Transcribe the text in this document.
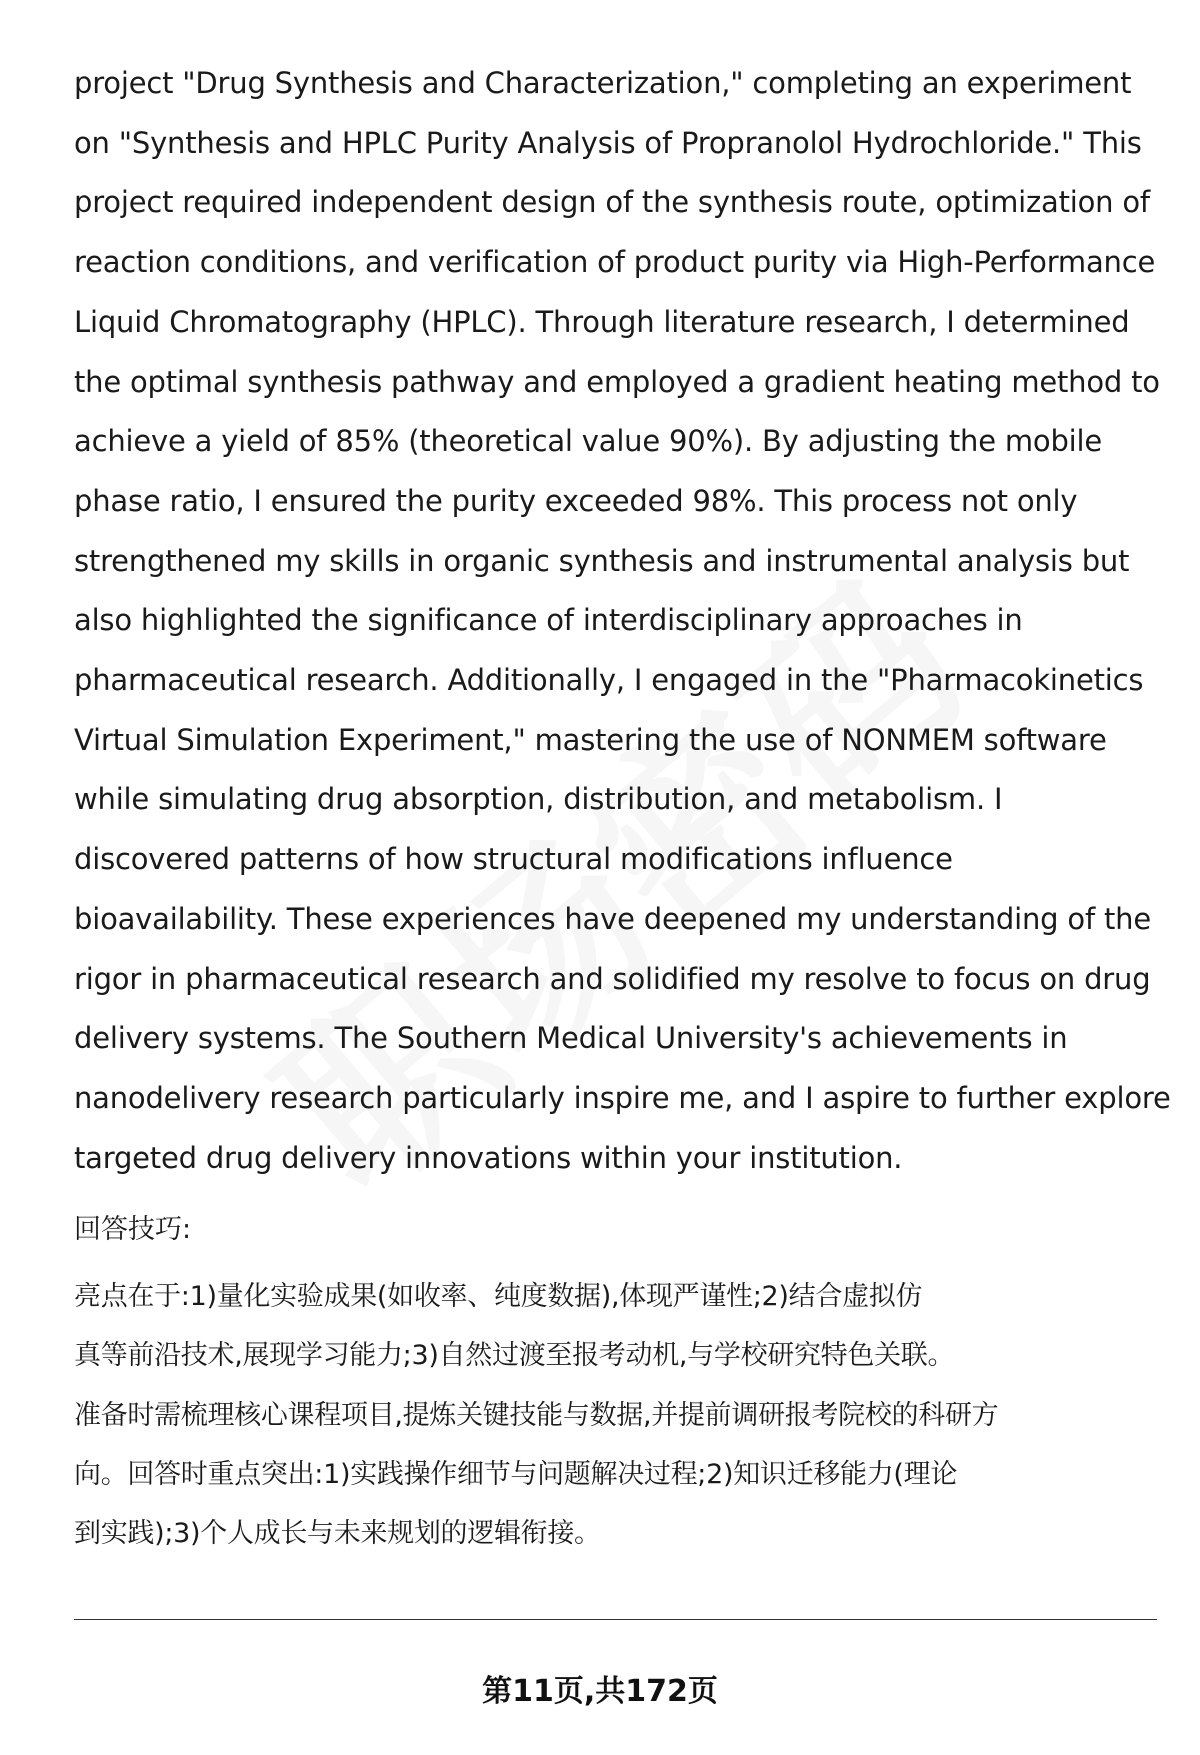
project "Drug Synthesis and Characterization," completing an experiment
on "Synthesis and HPLC Purity Analysis of Propranolol Hydrochloride." This
project required independent design of the synthesis route, optimization of
reaction conditions, and verification of product purity via High-Performance
Liquid Chromatography (HPLC). Through literature research, I determined
the optimal synthesis pathway and employed a gradient heating method to
achieve a yield of 85% (theoretical value 90%). By adjusting the mobile
phase ratio, I ensured the purity exceeded 98%. This process not only
strengthened my skills in organic synthesis and instrumental analysis but
also highlighted the significance of interdisciplinary approaches in
pharmaceutical research. Additionally, I engaged in the "Pharmacokinetics
Virtual Simulation Experiment," mastering the use of NONMEM software
while simulating drug absorption, distribution, and metabolism. I
discovered patterns of how structural modifications influence
bioavailability. These experiences have deepened my understanding of the
rigor in pharmaceutical research and solidified my resolve to focus on drug
delivery systems. The Southern Medical University's achievements in
nanodelivery research particularly inspire me, and I aspire to further explore
targeted drug delivery innovations within your institution.
回答技巧:
亮点在于:1)量化实验成果(如收率、纯度数据),体现严谨性;2)结合虚拟仿
真等前沿技术,展现学习能力;3)自然过渡至报考动机,与学校研究特色关联。
准备时需梳理核心课程项目,提炼关键技能与数据,并提前调研报考院校的科研方
向。回答时重点突出:1)实践操作细节与问题解决过程;2)知识迁移能力(理论
到实践);3)个人成长与未来规划的逻辑衔接。
第11页,共172页
